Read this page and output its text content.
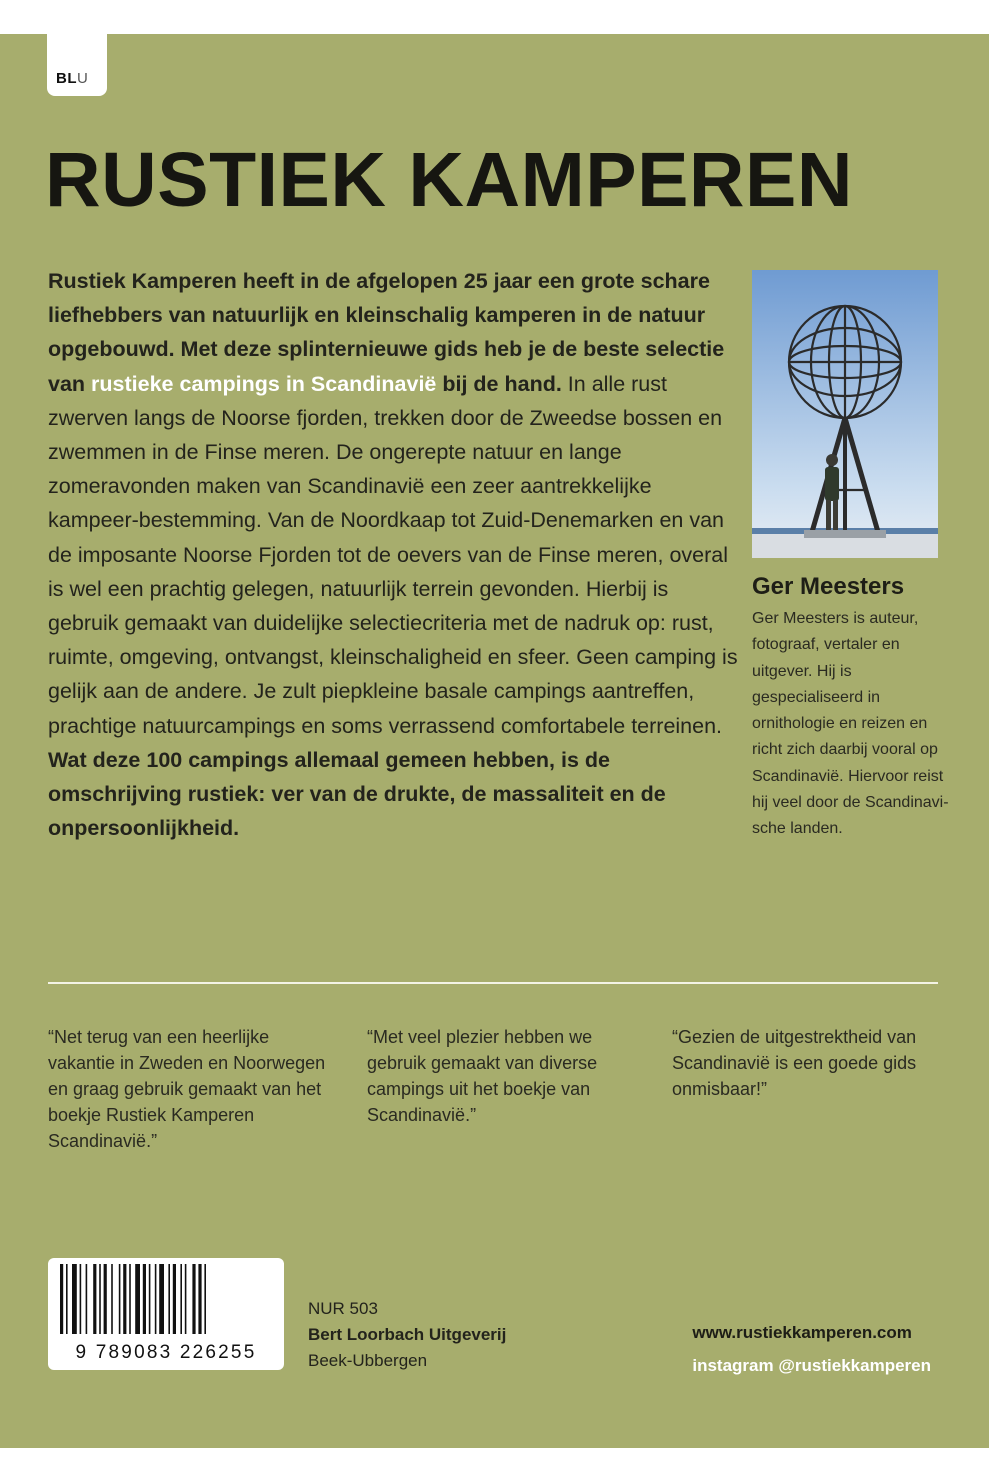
BLU
RUSTIEK KAMPEREN

Rustiek Kamperen heeft in de afgelopen 25 jaar een grote schare liefhebbers van natuurlijk en kleinschalig kamperen in de natuur opgebouwd. Met deze splinternieuwe gids heb je de beste selectie van rustieke campings in Scandinavië bij de hand. In alle rust zwerven langs de Noorse fjorden, trekken door de Zweedse bossen en zwemmen in de Finse meren. De ongerepte natuur en lange zomeravonden maken van Scandinavië een zeer aantrekkelijke kampeer-bestemming. Van de Noordkaap tot Zuid-Denemarken en van de imposante Noorse Fjorden tot de oevers van de Finse meren, overal is wel een prachtig gelegen, natuurlijk terrein gevonden. Hierbij is gebruik gemaakt van duidelijke selectiecriteria met de nadruk op: rust, ruimte, omgeving, ontvangst, kleinschaligheid en sfeer. Geen camping is gelijk aan de andere. Je zult piepkleine basale campings aantreffen, prachtige natuurcampings en soms verrassend comfortabele terreinen.

Wat deze 100 campings allemaal gemeen hebben, is de omschrijving rustiek: ver van de drukte, de massaliteit en de onpersoonlijkheid.

Ger Meesters

Ger Meesters is auteur, fotograaf, vertaler en uitgever. Hij is gespecialiseerd in ornithologie en reizen en richt zich daarbij vooral op Scandinavië. Hiervoor reist hij veel door de Scandinavi-sche landen.

“Net terug van een heerlijke vakantie in Zweden en Noorwegen en graag gebruik gemaakt van het boekje Rustiek Kamperen Scandinavië.”

“Met veel plezier hebben we gebruik gemaakt van diverse campings uit het boekje van Scandinavië.”

“Gezien de uitgestrektheid van Scandinavië is een goede gids onmisbaar!”

9 789083 226255

NUR 503
Bert Loorbach Uitgeverij
Beek-Ubbergen
www.rustiekkamperen.com
instagram @rustiekkamperen
